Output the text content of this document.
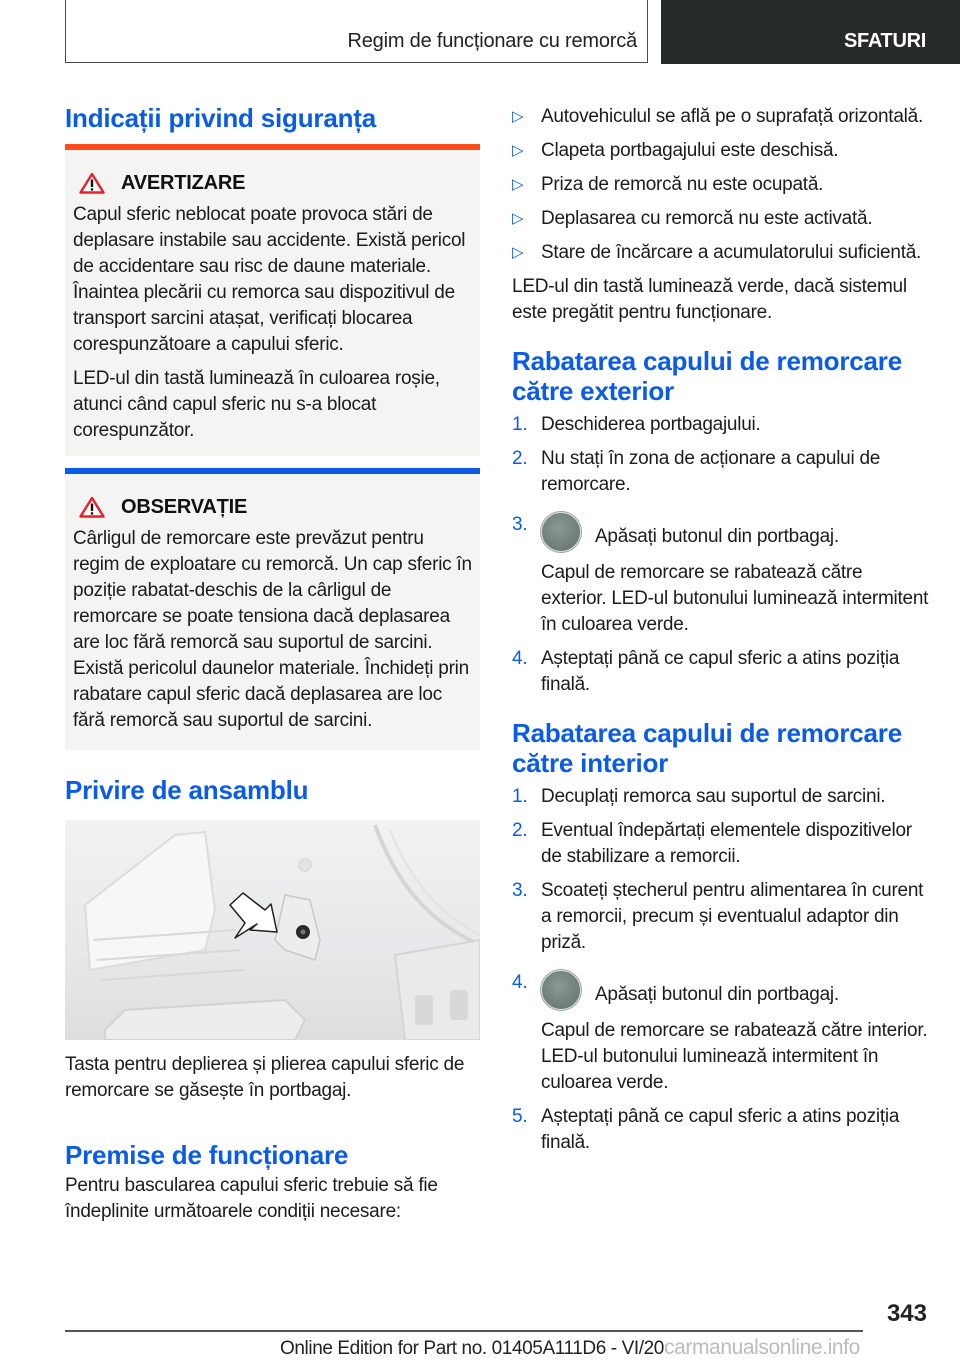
Regim de funcționare cu remorcă	SFATURI
Indicații privind siguranța
AVERTIZARE

Capul sferic neblocat poate provoca stări de deplasare instabile sau accidente. Există pericol de accidentare sau risc de daune materiale. Înaintea plecării cu remorca sau dispozitivul de transport sarcini atașat, verificați blocarea corespunzătoare a capului sferic.

LED-ul din tastă luminează în culoarea roșie, atunci când capul sferic nu s-a blocat corespunzător.

OBSERVAȚIE

Cârligul de remorcare este prevăzut pentru regim de exploatare cu remorcă. Un cap sferic în poziție rabatat-deschis de la cârligul de remorcare se poate tensiona dacă deplasarea are loc fără remorcă sau suportul de sarcini. Există pericolul daunelor materiale. Închideți prin rabatare capul sferic dacă deplasarea are loc fără remorcă sau suportul de sarcini.

Privire de ansamblu
Tasta pentru deplierea și plierea capului sferic de remorcare se găsește în portbagaj.
Premise de funcționare
Pentru bascularea capului sferic trebuie să fie îndeplinite următoarele condiții necesare:
▷ Autovehiculul se află pe o suprafață orizontală.
▷ Clapeta portbagajului este deschisă.
▷ Priza de remorcă nu este ocupată.
▷ Deplasarea cu remorcă nu este activată.
▷ Stare de încărcare a acumulatorului suficientă.
LED-ul din tastă luminează verde, dacă sistemul este pregătit pentru funcționare.
Rabatarea capului de remorcare către exterior
1. Deschiderea portbagajului.
2. Nu stați în zona de acționare a capului de remorcare.
3.
Apăsați butonul din portbagaj.
Capul de remorcare se rabatează către exterior. LED-ul butonului luminează intermitent în culoarea verde.
4. Așteptați până ce capul sferic a atins poziția finală.
Rabatarea capului de remorcare către interior
1. Decuplați remorca sau suportul de sarcini.
2. Eventual îndepărtați elementele dispozitivelor de stabilizare a remorcii.
3. Scoateți ștecherul pentru alimentarea în curent a remorcii, precum și eventualul adaptor din priză.
4.
Apăsați butonul din portbagaj.
Capul de remorcare se rabatează către interior. LED-ul butonului luminează intermitent în culoarea verde.
5. Așteptați până ce capul sferic a atins poziția finală.
343
Online Edition for Part no. 01405A111D6 - VI/20carmanualsonline.info
